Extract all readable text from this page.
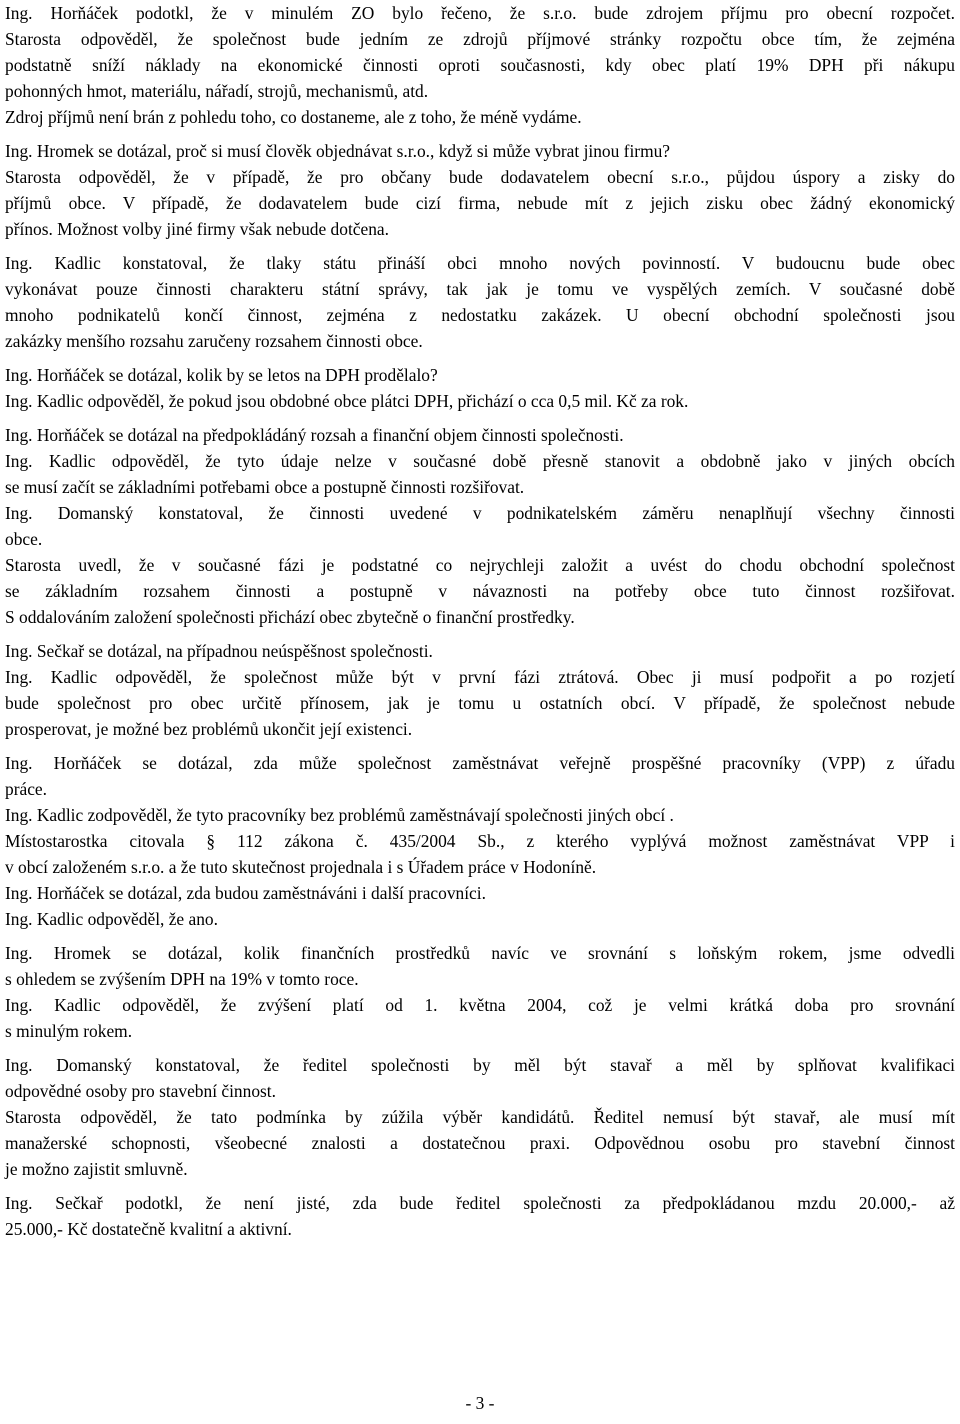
Ing. Horňáček podotkl, že v minulém ZO bylo řečeno, že s.r.o. bude zdrojem příjmu pro obecní rozpočet.
Starosta odpověděl, že společnost bude jedním ze zdrojů příjmové stránky rozpočtu obce tím, že zejména
podstatně sníží náklady na ekonomické činnosti oproti současnosti, kdy obec platí 19% DPH při nákupu
pohonných hmot, materiálu, nářadí, strojů, mechanismů, atd.
Zdroj příjmů není brán z pohledu toho, co dostaneme, ale z toho, že méně vydáme.
Ing. Hromek se dotázal, proč si musí člověk objednávat s.r.o., když si může vybrat jinou firmu?
Starosta odpověděl, že v případě, že pro občany bude dodavatelem obecní s.r.o., půjdou úspory a zisky do
příjmů obce. V případě, že dodavatelem bude cizí firma, nebude mít z jejich zisku obec žádný ekonomický
přínos. Možnost volby jiné firmy však nebude dotčena.
Ing. Kadlic konstatoval, že tlaky státu přináší obci mnoho nových povinností. V budoucnu bude obec
vykonávat pouze činnosti charakteru státní správy, tak jak je tomu ve vyspělých zemích. V současné době
mnoho podnikatelů končí činnost, zejména z nedostatku zakázek. U obecní obchodní společnosti jsou
zakázky menšího rozsahu zaručeny rozsahem činnosti obce.
Ing. Horňáček se dotázal, kolik by se letos na DPH prodělalo?
Ing. Kadlic odpověděl, že pokud jsou obdobné obce plátci DPH, přichází o cca 0,5 mil. Kč za rok.
Ing. Horňáček se dotázal na předpokládáný rozsah a finanční objem činnosti společnosti.
Ing. Kadlic odpověděl, že tyto údaje nelze v současné době přesně stanovit a obdobně jako v jiných obcích
se musí začít se základními potřebami obce a postupně činnosti rozšiřovat.
Ing. Domanský konstatoval, že činnosti uvedené v podnikatelském záměru nenaplňují všechny činnosti
obce.
Starosta uvedl, že v současné fázi je podstatné co nejrychleji založit a uvést do chodu obchodní společnost
se základním rozsahem činnosti a postupně v návaznosti na potřeby obce tuto činnost rozšiřovat.
S oddalováním založení společnosti přichází obec zbytečně o finanční prostředky.
Ing. Sečkař se dotázal, na případnou neúspěšnost společnosti.
Ing. Kadlic odpověděl, že společnost může být v první fázi ztrátová. Obec ji musí podpořit a po rozjetí
bude společnost pro obec určitě přínosem, jak je tomu u ostatních obcí. V případě, že společnost nebude
prosperovat, je možné bez problémů ukončit její existenci.
Ing. Horňáček se dotázal, zda může společnost zaměstnávat veřejně prospěšné pracovníky (VPP) z úřadu
práce.
Ing. Kadlic zodpověděl, že tyto pracovníky bez problémů zaměstnávají společnosti jiných obcí .
Místostarostka citovala § 112 zákona č. 435/2004 Sb., z kterého vyplývá možnost zaměstnávat VPP i
v obcí založeném s.r.o. a že tuto skutečnost projednala i s Úřadem práce v Hodoníně.
Ing. Horňáček se dotázal, zda budou zaměstnáváni i další pracovníci.
Ing. Kadlic odpověděl, že ano.
Ing. Hromek se dotázal, kolik finančních prostředků navíc ve srovnání s loňským rokem, jsme odvedli
s ohledem se zvýšením DPH na 19% v tomto roce.
Ing. Kadlic odpověděl, že zvýšení platí od 1. května 2004, což je velmi krátká doba pro srovnání
s minulým rokem.
Ing. Domanský konstatoval, že ředitel společnosti by měl být stavař a měl by splňovat kvalifikaci
odpovědné osoby pro stavební činnost.
Starosta odpověděl, že tato podmínka by zúžila výběr kandidátů. Ředitel nemusí být stavař, ale musí mít
manažerské schopnosti, všeobecné znalosti a dostatečnou praxi. Odpovědnou osobu pro stavební činnost
je možno zajistit smluvně.
Ing. Sečkař podotkl, že není jisté, zda bude ředitel společnosti za předpokládanou mzdu 20.000,- až
25.000,- Kč dostatečně kvalitní a aktivní.
- 3 -
